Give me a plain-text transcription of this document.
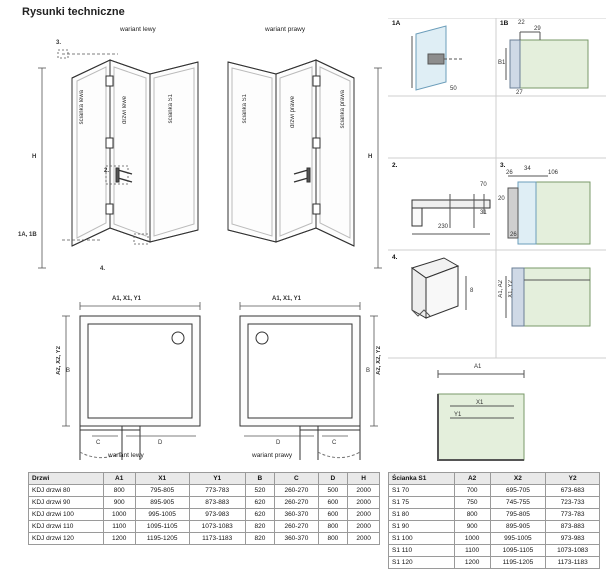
Rysunki techniczne
wariant lewy	wariant prawy
ścianka lewa	drzwi lewe	ścianka S1	ścianka S1	drzwi prawe	ścianka prawa
H	H
3.
1A, 1B
2.
4.
A1, X1, Y1	A1, X1, Y1
A2, X2, Y2	A2, X2, Y2
C	D
B
C
D
B
wariant lewy	wariant prawy
1A
50
1B 22
29
B1
27
2.
70
31
230
3.
26
34
106
20
26
4.
8	A1, A2 X1, Y2
A1
X1
Y1
Drzwi	A1	X1	Y1	B	C	D	H
KDJ drzwi 80	800	795-805	773-783	520	260-270	500	2000
KDJ drzwi 90	900	895-905	873-883	620	260-270	600	2000
KDJ drzwi 100	1000	995-1005	973-983	620	360-370	600	2000
KDJ drzwi 110	1100	1095-1105	1073-1083	820	260-270	800	2000
KDJ drzwi 120	1200	1195-1205	1173-1183	820	360-370	800	2000
Ścianka S1	A2	X2	Y2
S1 70	700	695-705	673-683
S1 75	750	745-755	723-733
S1 80	800	795-805	773-783
S1 90	900	895-905	873-883
S1 100	1000	995-1005	973-983
S1 110	1100	1095-1105	1073-1083
S1 120	1200	1195-1205	1173-1183
